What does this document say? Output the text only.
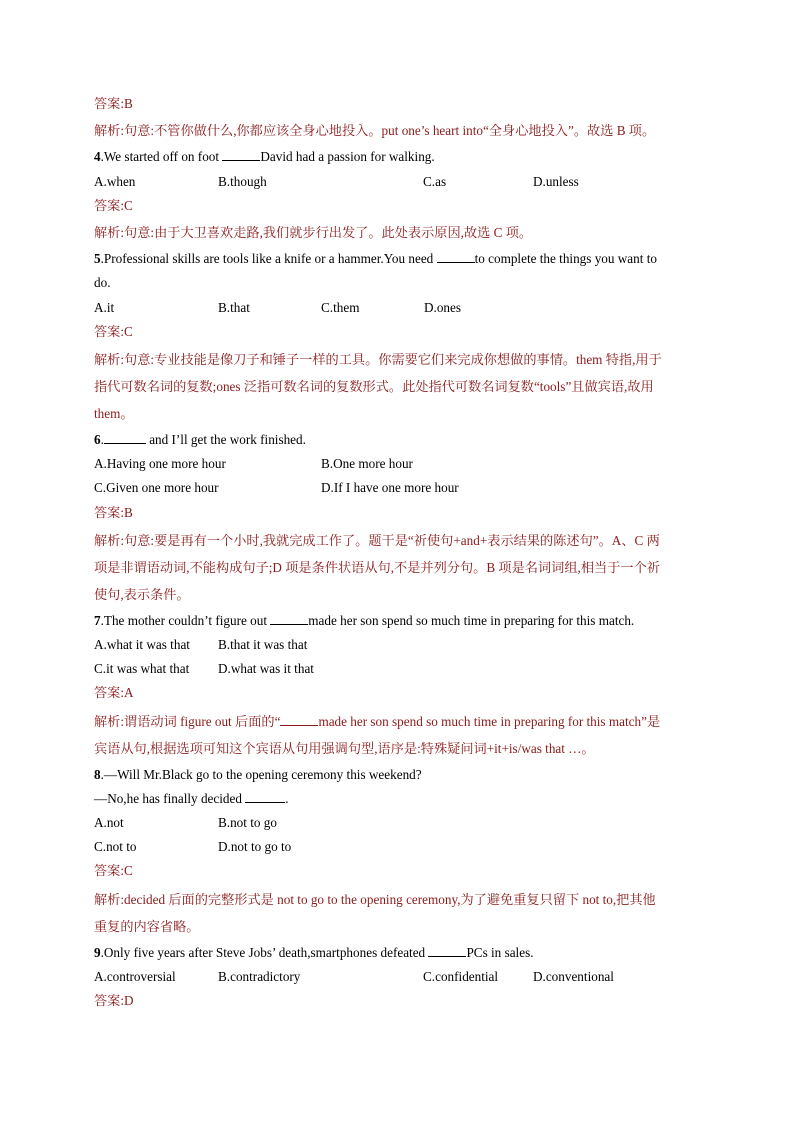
答案:B
解析:句意:不管你做什么,你都应该全身心地投入。put one’s heart into“全身心地投入”。故选 B 项。
4.We started off on foot	David had a passion for walking.
A.when	B.though	C.as	D.unless
答案:C
解析:句意:由于大卫喜欢走路,我们就步行出发了。此处表示原因,故选 C 项。
5.Professional skills are tools like a knife or a hammer.You need	to complete the things you want to
do.
A.it	B.that	C.them	D.ones
答案:C
解析:句意:专业技能是像刀子和锤子一样的工具。你需要它们来完成你想做的事情。them 特指,用于
指代可数名词的复数;ones 泛指可数名词的复数形式。此处指代可数名词复数“tools”且做宾语,故用
them。
6.	and I’ll get the work finished.
A.Having one more hour	B.One more hour
C.Given one more hour	D.If I have one more hour
答案:B
解析:句意:要是再有一个小时,我就完成工作了。题干是“祈使句+and+表示结果的陈述句”。A、C 两
项是非谓语动词,不能构成句子;D 项是条件状语从句,不是并列分句。B 项是名词词组,相当于一个祈
使句,表示条件。
7.The mother couldn’t figure out	made her son spend so much time in preparing for this match.
A.what it was that	B.that it was that
C.it was what that	D.what was it that
答案:A
解析:谓语动词 figure out 后面的“	made her son spend so much time in preparing for this match”是
宾语从句,根据选项可知这个宾语从句用强调句型,语序是:特殊疑问词+it+is/was that …。
8.—Will Mr.Black go to the opening ceremony this weekend?
—No,he has finally decided	.
A.not	B.not to go
C.not to	D.not to go to
答案:C
解析:decided 后面的完整形式是 not to go to the opening ceremony,为了避免重复只留下 not to,把其他
重复的内容省略。
9.Only five years after Steve Jobs’ death,smartphones defeated	PCs in sales.
A.controversial	B.contradictory	C.confidential	D.conventional
答案:D
